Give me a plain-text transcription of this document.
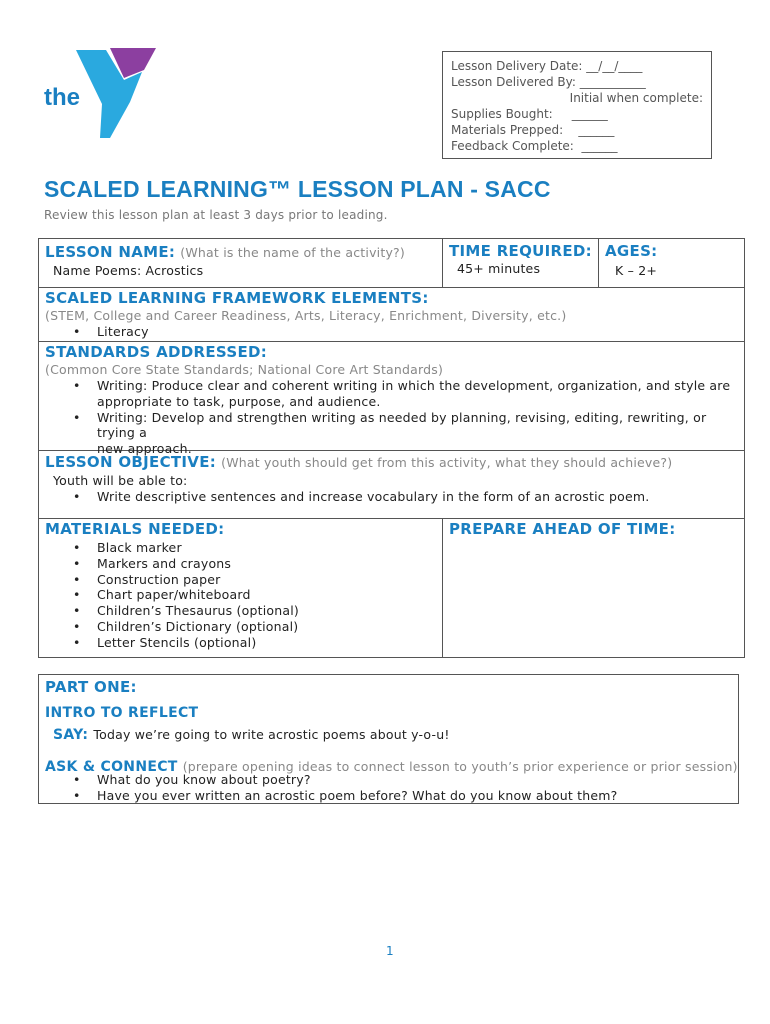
YMCA
the
Lesson Delivery Date: __/__/____
Lesson Delivered By: ___________
Initial when complete:
Supplies Bought:     ______
Materials Prepped:    ______
Feedback Complete:  ______
SCALED LEARNING™ LESSON PLAN - SACC
Review this lesson plan at least 3 days prior to leading.
LESSON NAME: (What is the name of the activity?)
Name Poems: Acrostics
TIME REQUIRED:
45+ minutes
AGES:
K – 2+
SCALED LEARNING FRAMEWORK ELEMENTS:
(STEM, College and Career Readiness, Arts, Literacy, Enrichment, Diversity, etc.)
• Literacy
STANDARDS ADDRESSED:
(Common Core State Standards; National Core Art Standards)
• Writing: Produce clear and coherent writing in which the development, organization, and style are
appropriate to task, purpose, and audience.
• Writing: Develop and strengthen writing as needed by planning, revising, editing, rewriting, or trying a
new approach.
LESSON OBJECTIVE: (What youth should get from this activity, what they should achieve?)
Youth will be able to:
• Write descriptive sentences and increase vocabulary in the form of an acrostic poem.
MATERIALS NEEDED:
• Black marker
• Markers and crayons
• Construction paper
• Chart paper/whiteboard
• Children’s Thesaurus (optional)
• Children’s Dictionary (optional)
• Letter Stencils (optional)
PREPARE AHEAD OF TIME:
PART ONE:
INTRO TO REFLECT
SAY: Today we’re going to write acrostic poems about y-o-u!
ASK & CONNECT (prepare opening ideas to connect lesson to youth’s prior experience or prior session)
• What do you know about poetry?
• Have you ever written an acrostic poem before? What do you know about them?
1
